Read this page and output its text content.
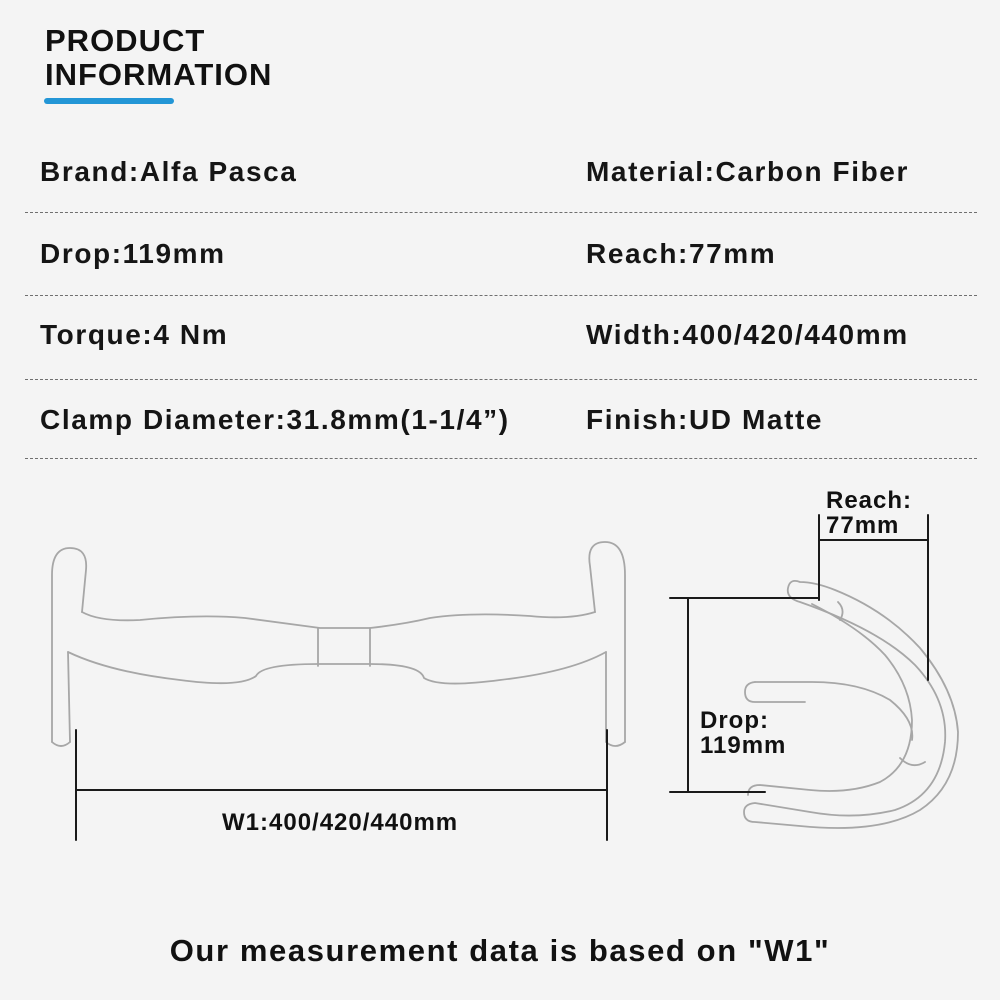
PRODUCT
INFORMATION
Brand:Alfa Pasca	Material:Carbon Fiber
Drop:119mm	Reach:77mm
Torque:4 Nm	Width:400/420/440mm
Clamp Diameter:31.8mm(1-1/4”)	Finish:UD Matte
W1:400/420/440mm
Reach:
77mm
Drop:
119mm
Our measurement data is based on "W1"
